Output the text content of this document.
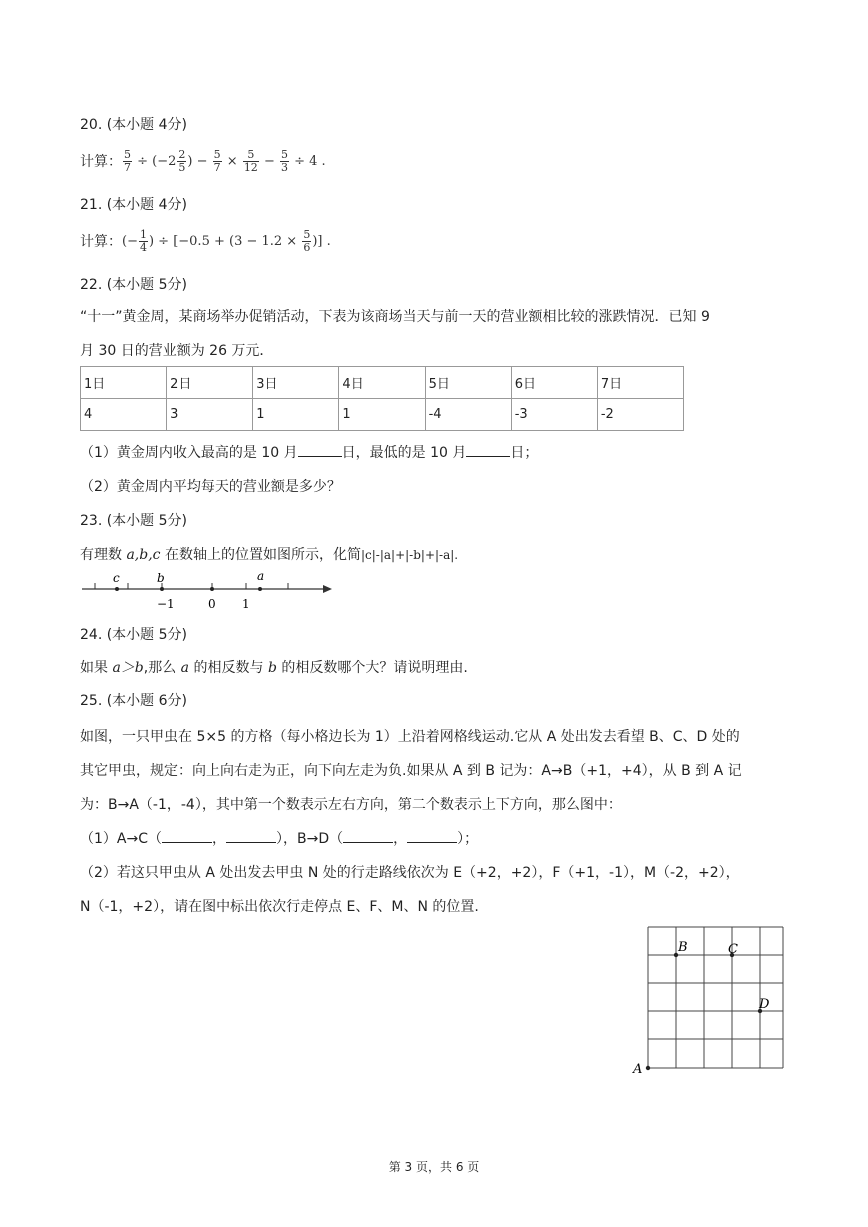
20. (本小题 4分)
计算： $\frac{5}{7} \div (-2 \frac{2}{5}$ ) − $\frac{5}{7} \times \frac{5}{12} - \frac{5}{3} \div 4$ .
21. (本小题 4分)
计算： (− $\frac{1}{4}$ ) ÷ [$-0.5 + (3 - 1.2 \times \frac{5}{6}$ )] .
22. (本小题 5分)
“十一”黄金周，某商场举办促销活动，下表为该商场当天与前一天的营业额相比较的涨跌情况．已知 9
月 30 日的营业额为 26 万元．
1日	2日	3日	4日	5日	6日	7日
4	3	1	1	-4	-3	-2
（1）黄金周内收入最高的是 10 月	日，最低的是 10 月	日；
（2）黄金周内平均每天的营业额是多少？
23. (本小题 5分)
有理数 a,b,c 在数轴上的位置如图所示，化简|c|-|a|+|-b|+|-a|.
c	b	a
−1	0 1
24. (本小题 5分)
如果 a＞b,那么 a 的相反数与 b 的相反数哪个大？请说明理由.
25. (本小题 6分)
如图，一只甲虫在 5×5 的方格（每小格边长为 1）上沿着网格线运动.它从 A 处出发去看望 B、C、D 处的
其它甲虫，规定：向上向右走为正，向下向左走为负.如果从 A 到 B 记为：A→B（+1，+4），从 B 到 A 记
为：B→A（-1，-4），其中第一个数表示左右方向，第二个数表示上下方向，那么图中：
（1）A→C（	，	），B→D（	，	）；
（2）若这只甲虫从 A 处出发去甲虫 N 处的行走路线依次为 E（+2，+2），F（+1，-1），M（-2，+2），
N（-1，+2），请在图中标出依次行走停点 E、F、M、N 的位置.
A
B	C
D
第 3 页，共 6 页
